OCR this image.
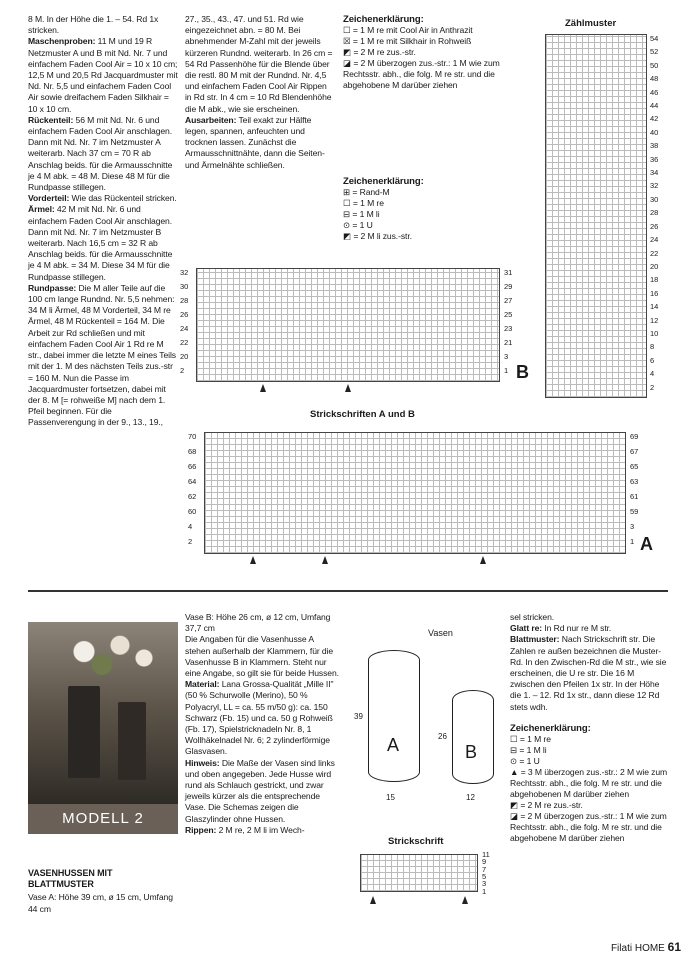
8 M. In der Höhe die 1. – 54. Rd 1x stricken.

Maschenproben: 11 M und 19 R Netzmuster A und B mit Nd. Nr. 7 und einfachem Faden Cool Air = 10 x 10 cm; 12,5 M und 20,5 Rd Jacquardmuster mit Nd. Nr. 5,5 und einfachem Faden Cool Air sowie dreifachem Faden Silkhair = 10 x 10 cm.

Rückenteil: 56 M mit Nd. Nr. 6 und einfachem Faden Cool Air anschlagen. Dann mit Nd. Nr. 7 im Netzmuster A weiterarb. Nach 37 cm = 70 R ab Anschlag beids. für die Armausschnitte je 4 M abk. = 48 M. Diese 48 M für die Rundpasse stillegen.

Vorderteil: Wie das Rückenteil stricken.

Ärmel: 42 M mit Nd. Nr. 6 und einfachem Faden Cool Air anschlagen. Dann mit Nd. Nr. 7 im Netzmuster B weiterarb. Nach 16,5 cm = 32 R ab Anschlag beids. für die Armausschnitte je 4 M abk. = 34 M. Diese 34 M für die Rundpasse stillegen.

Rundpasse: Die M aller Teile auf die 100 cm lange Rundnd. Nr. 5,5 nehmen: 34 M li Ärmel, 48 M Vorderteil, 34 M re Ärmel, 48 M Rückenteil = 164 M. Die Arbeit zur Rd schließen und mit einfachem Faden Cool Air 1 Rd re M str., dabei immer die letzte M eines Teils mit der 1. M des nächsten Teils zus.-str = 160 M. Nun die Passe im Jacquardmuster fortsetzen, dabei mit der 8. M [= rohweiße M] nach dem 1. Pfeil beginnen. Für die Passenverengung in der 9., 13., 19.,

27., 35., 43., 47. und 51. Rd wie eingezeichnet abn. = 80 M. Bei abnehmender M-Zahl mit der jeweils kürzeren Rundnd. weiterarb. In 26 cm = 54 Rd Passenhöhe für die Blende über die restl. 80 M mit der Rundnd. Nr. 4,5 und einfachem Faden Cool Air Rippen in Rd str. In 4 cm = 10 Rd Blendenhöhe die M abk., wie sie erscheinen.

Ausarbeiten: Teil exakt zur Hälfte legen, spannen, anfeuchten und trocknen lassen. Zunächst die Armausschnittnähte, dann die Seiten- und Ärmelnähte schließen.

Zeichenerklärung:

☐ = 1 M re mit Cool Air in Anthrazit

☒ = 1 M re mit Silkhair in Rohweiß

◩ = 2 M re zus.-str.

◪ = 2 M überzogen zus.-str.: 1 M wie zum Rechtsstr. abh., die folg. M re str. und die abgehobene M darüber ziehen

Zeichenerklärung:

⊞ = Rand-M

☐ = 1 M re

⊟ = 1 M li

⊙ = 1 U

◩ = 2 M li zus.-str.

Zählmuster
54
52
50
48
46
44
42
40
38
36
34
32
30
28
26
24
22
20
18
16
14
12
10
8
6
4
2
32
30
28
26
24
22
20
2
31
29
27
25
23
21
3
1 B
Strickschriften A und B
70
68
66
64
62
60
4
2
69
67
65
63
61
59
3
1 A
MODELL 2

VASENHUSSEN MIT BLATTMUSTER

Vase A: Höhe 39 cm, ø 15 cm, Umfang 44 cm

Vase B: Höhe 26 cm, ø 12 cm, Umfang 37,7 cm

Die Angaben für die Vasenhusse A stehen außerhalb der Klammern, für die Vasenhusse B in Klammern. Steht nur eine Angabe, so gilt sie für beide Hussen.

Material: Lana Grossa-Qualität „Mille II" (50 % Schurwolle (Merino), 50 % Polyacryl, LL = ca. 55 m/50 g): ca. 150 Schwarz (Fb. 15) und ca. 50 g Rohweiß (Fb. 17), Spielstricknadeln Nr. 8, 1 Wollhäkelnadel Nr. 6; 2 zylinderförmige Glasvasen.

Hinweis: Die Maße der Vasen sind links und oben angegeben. Jede Husse wird rund als Schlauch gestrickt, und zwar jeweils kürzer als die entsprechende Vase. Die Schemas zeigen die Glaszylinder ohne Hussen.

Rippen: 2 M re, 2 M li im Wech-

Vasen
A	B
39
26
15	12
Strickschrift
11
9
7
5
3
1

sel stricken.

Glatt re: In Rd nur re M str.

Blattmuster: Nach Strickschrift str. Die Zahlen re außen bezeichnen die Muster-Rd. In den Zwischen-Rd die M str., wie sie erscheinen, die U re str. Die 16 M zwischen den Pfeilen 1x str. In der Höhe die 1. – 12. Rd 1x str., dann diese 12 Rd stets wdh.

Zeichenerklärung:

☐ = 1 M re

⊟ = 1 M li

⊙ = 1 U

▲ = 3 M überzogen zus.-str.: 2 M wie zum Rechtsstr. abh., die folg. M re str. und die abgehobenen M darüber ziehen

◩ = 2 M re zus.-str.

◪ = 2 M überzogen zus.-str.: 1 M wie zum Rechtsstr. abh., die folg. M re str. und die abgehobene M darüber ziehen

Filati HOME 61
